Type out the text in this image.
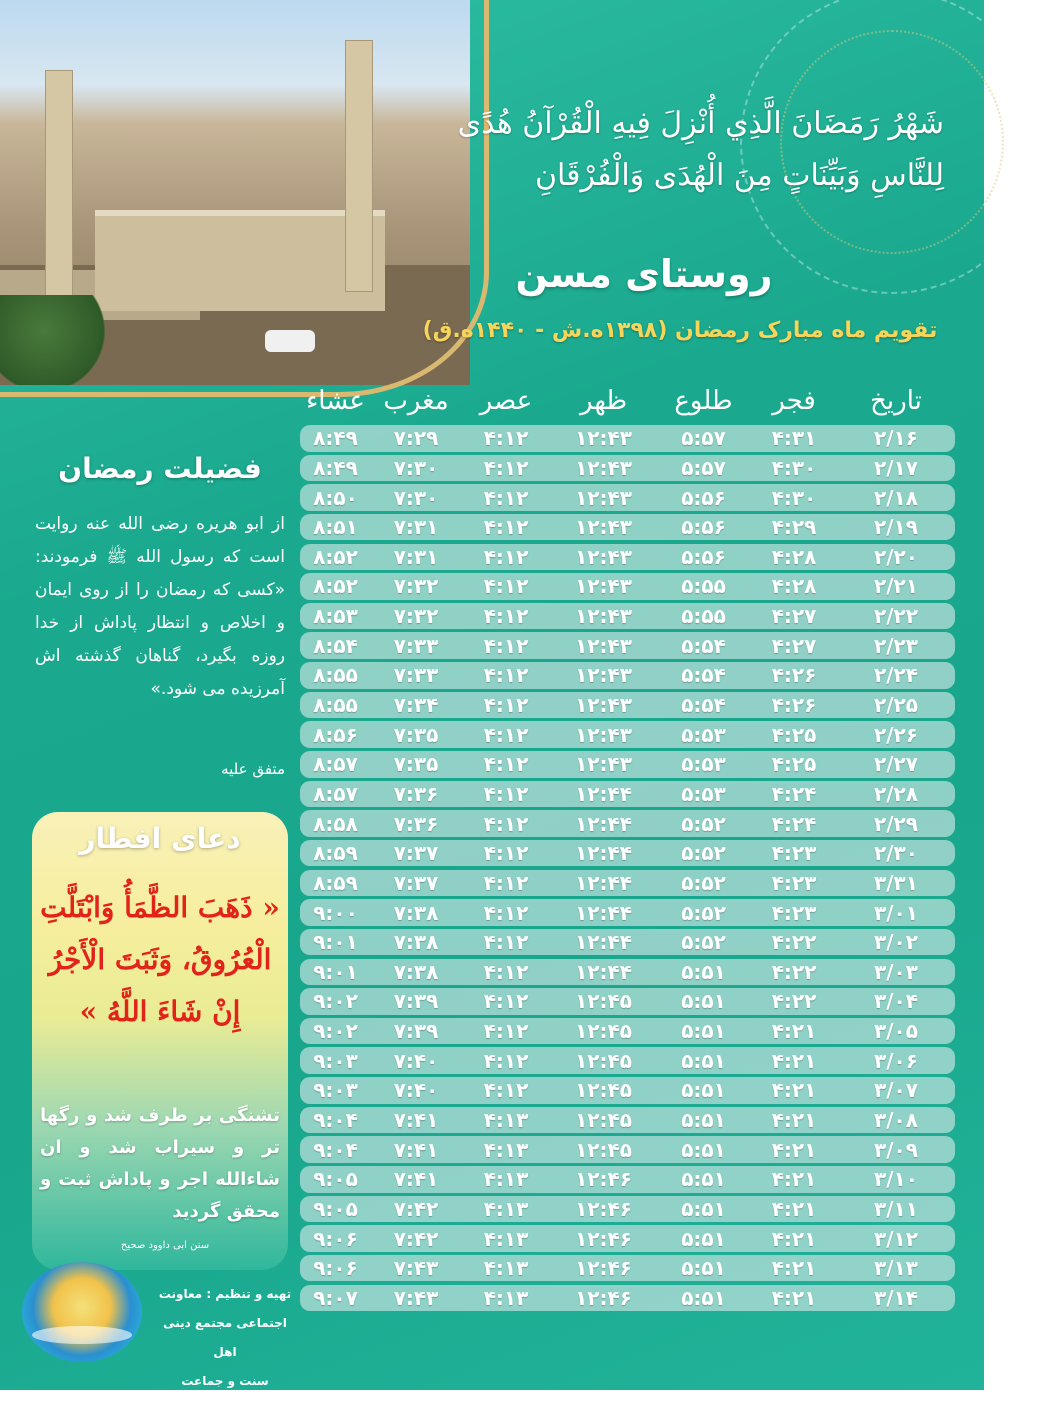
شَهْرُ رَمَضَانَ الَّذِي أُنْزِلَ فِيهِ الْقُرْآنُ هُدًى
لِلنَّاسِ وَبَيِّنَاتٍ مِنَ الْهُدَى وَالْفُرْقَانِ
روستای مسن
تقویم ماه مبارک رمضان (۱۳۹۸ه.ش - ۱۴۴۰ه.ق)
تاریخ
فجر
طلوع
ظهر
عصر
مغرب
عشاء
۲/۱۶
۴:۳۱
۵:۵۷
۱۲:۴۳
۴:۱۲
۷:۲۹
۸:۴۹
۲/۱۷
۴:۳۰
۵:۵۷
۱۲:۴۳
۴:۱۲
۷:۳۰
۸:۴۹
۲/۱۸
۴:۳۰
۵:۵۶
۱۲:۴۳
۴:۱۲
۷:۳۰
۸:۵۰
۲/۱۹
۴:۲۹
۵:۵۶
۱۲:۴۳
۴:۱۲
۷:۳۱
۸:۵۱
۲/۲۰
۴:۲۸
۵:۵۶
۱۲:۴۳
۴:۱۲
۷:۳۱
۸:۵۲
۲/۲۱
۴:۲۸
۵:۵۵
۱۲:۴۳
۴:۱۲
۷:۳۲
۸:۵۲
۲/۲۲
۴:۲۷
۵:۵۵
۱۲:۴۳
۴:۱۲
۷:۳۲
۸:۵۳
۲/۲۳
۴:۲۷
۵:۵۴
۱۲:۴۳
۴:۱۲
۷:۳۳
۸:۵۴
۲/۲۴
۴:۲۶
۵:۵۴
۱۲:۴۳
۴:۱۲
۷:۳۳
۸:۵۵
۲/۲۵
۴:۲۶
۵:۵۴
۱۲:۴۳
۴:۱۲
۷:۳۴
۸:۵۵
۲/۲۶
۴:۲۵
۵:۵۳
۱۲:۴۳
۴:۱۲
۷:۳۵
۸:۵۶
۲/۲۷
۴:۲۵
۵:۵۳
۱۲:۴۳
۴:۱۲
۷:۳۵
۸:۵۷
۲/۲۸
۴:۲۴
۵:۵۳
۱۲:۴۴
۴:۱۲
۷:۳۶
۸:۵۷
۲/۲۹
۴:۲۴
۵:۵۲
۱۲:۴۴
۴:۱۲
۷:۳۶
۸:۵۸
۲/۳۰
۴:۲۳
۵:۵۲
۱۲:۴۴
۴:۱۲
۷:۳۷
۸:۵۹
۳/۳۱
۴:۲۳
۵:۵۲
۱۲:۴۴
۴:۱۲
۷:۳۷
۸:۵۹
۳/۰۱
۴:۲۳
۵:۵۲
۱۲:۴۴
۴:۱۲
۷:۳۸
۹:۰۰
۳/۰۲
۴:۲۲
۵:۵۲
۱۲:۴۴
۴:۱۲
۷:۳۸
۹:۰۱
۳/۰۳
۴:۲۲
۵:۵۱
۱۲:۴۴
۴:۱۲
۷:۳۸
۹:۰۱
۳/۰۴
۴:۲۲
۵:۵۱
۱۲:۴۵
۴:۱۲
۷:۳۹
۹:۰۲
۳/۰۵
۴:۲۱
۵:۵۱
۱۲:۴۵
۴:۱۲
۷:۳۹
۹:۰۲
۳/۰۶
۴:۲۱
۵:۵۱
۱۲:۴۵
۴:۱۲
۷:۴۰
۹:۰۳
۳/۰۷
۴:۲۱
۵:۵۱
۱۲:۴۵
۴:۱۲
۷:۴۰
۹:۰۳
۳/۰۸
۴:۲۱
۵:۵۱
۱۲:۴۵
۴:۱۳
۷:۴۱
۹:۰۴
۳/۰۹
۴:۲۱
۵:۵۱
۱۲:۴۵
۴:۱۳
۷:۴۱
۹:۰۴
۳/۱۰
۴:۲۱
۵:۵۱
۱۲:۴۶
۴:۱۳
۷:۴۱
۹:۰۵
۳/۱۱
۴:۲۱
۵:۵۱
۱۲:۴۶
۴:۱۳
۷:۴۲
۹:۰۵
۳/۱۲
۴:۲۱
۵:۵۱
۱۲:۴۶
۴:۱۳
۷:۴۲
۹:۰۶
۳/۱۳
۴:۲۱
۵:۵۱
۱۲:۴۶
۴:۱۳
۷:۴۳
۹:۰۶
۳/۱۴
۴:۲۱
۵:۵۱
۱۲:۴۶
۴:۱۳
۷:۴۳
۹:۰۷
فضیلت رمضان
از ابو هریره رضی الله عنه روایت است که رسول الله ﷺ فرمودند: «کسی که رمضان را از روی ایمان و اخلاص و انتظار پاداش از خدا روزه بگیرد، گناهان گذشته اش آمرزیده می شود.»
متفق علیه
دعای افطار
« ذَهَبَ الظَّمَأُ وَابْتَلَّتِ الْعُرُوقُ، وَثَبَتَ الْأَجْرُ إِنْ شَاءَ اللَّهُ »
تشنگی بر طرف شد و رگها تر و سیراب شد و ان شاءالله اجر و پاداش ثبت و محقق گردید
سنن ابی داوود صحیح
تهیه و تنظیم : معاونت
اجتماعی مجتمع دینی اهل
سنت و جماعت شهرستان قشم
